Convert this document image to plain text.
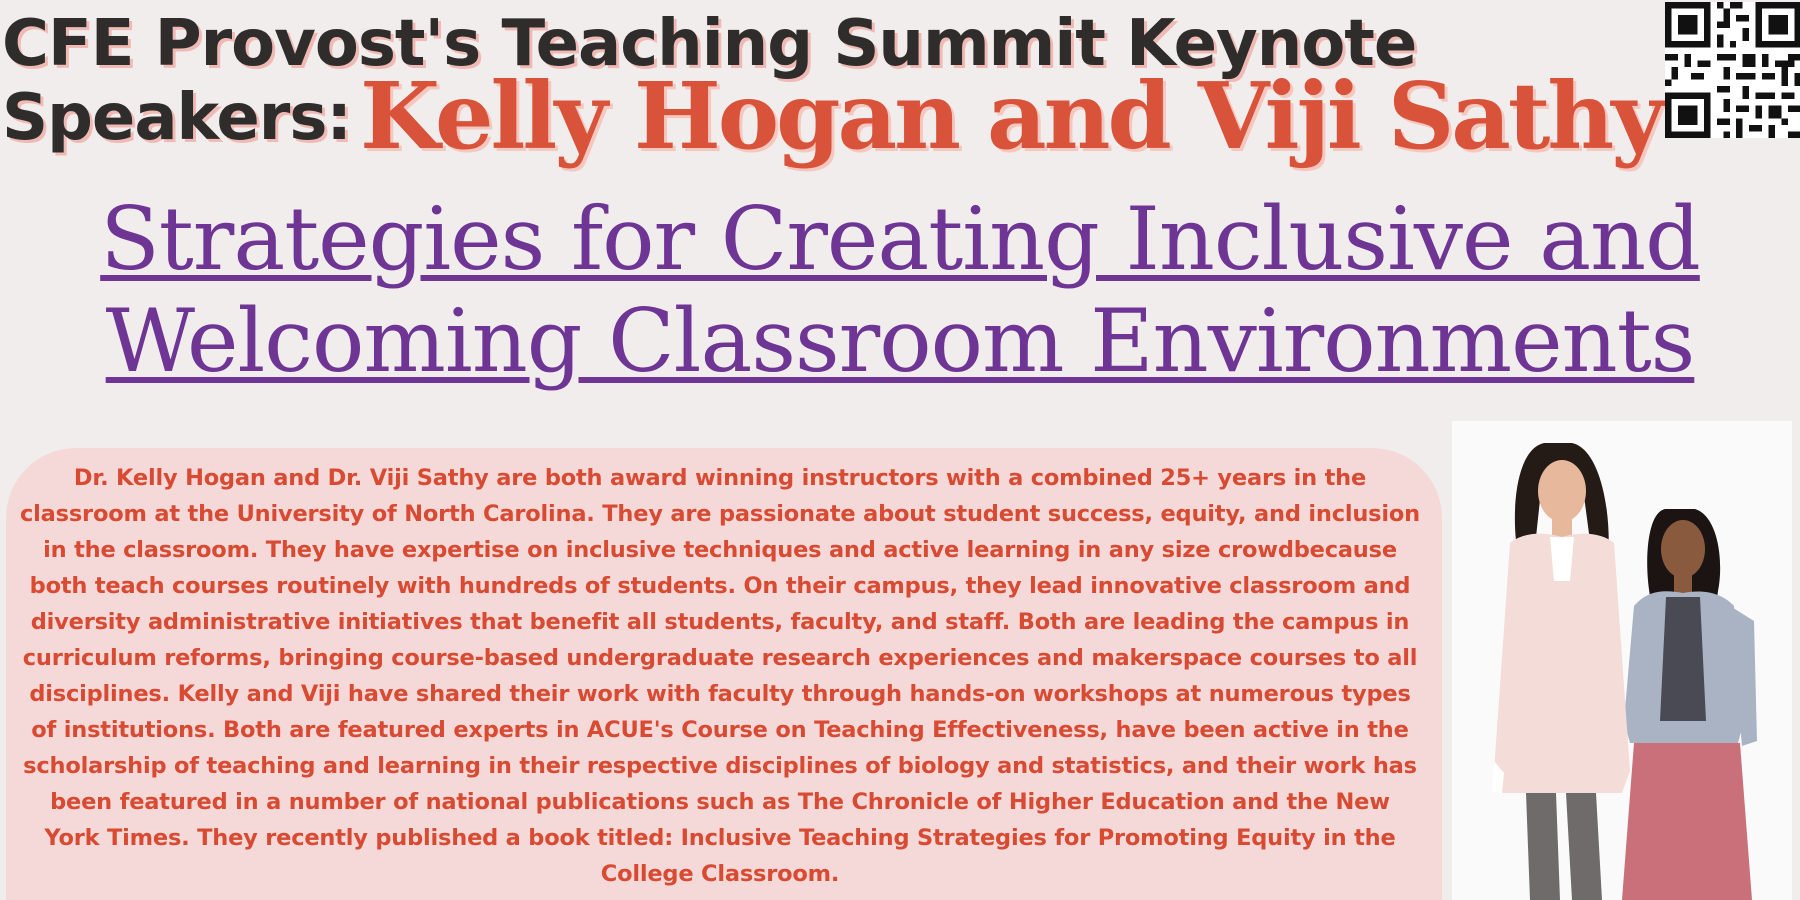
CFE Provost's Teaching Summit Keynote
Speakers: Kelly Hogan and Viji Sathy
Strategies for Creating Inclusive and
Welcoming Classroom Environments
Dr. Kelly Hogan and Dr. Viji Sathy are both award winning instructors with a combined 25+ years in the classroom at the University of North Carolina. They are passionate about student success, equity, and inclusion in the classroom. They have expertise on inclusive techniques and active learning in any size crowdbecause both teach courses routinely with hundreds of students. On their campus, they lead innovative classroom and diversity administrative initiatives that benefit all students, faculty, and staff. Both are leading the campus in curriculum reforms, bringing course-based undergraduate research experiences and makerspace courses to all disciplines. Kelly and Viji have shared their work with faculty through hands-on workshops at numerous types of institutions. Both are featured experts in ACUE's Course on Teaching Effectiveness, have been active in the scholarship of teaching and learning in their respective disciplines of biology and statistics, and their work has been featured in a number of national publications such as The Chronicle of Higher Education and the New York Times. They recently published a book titled: Inclusive Teaching Strategies for Promoting Equity in the College Classroom.
